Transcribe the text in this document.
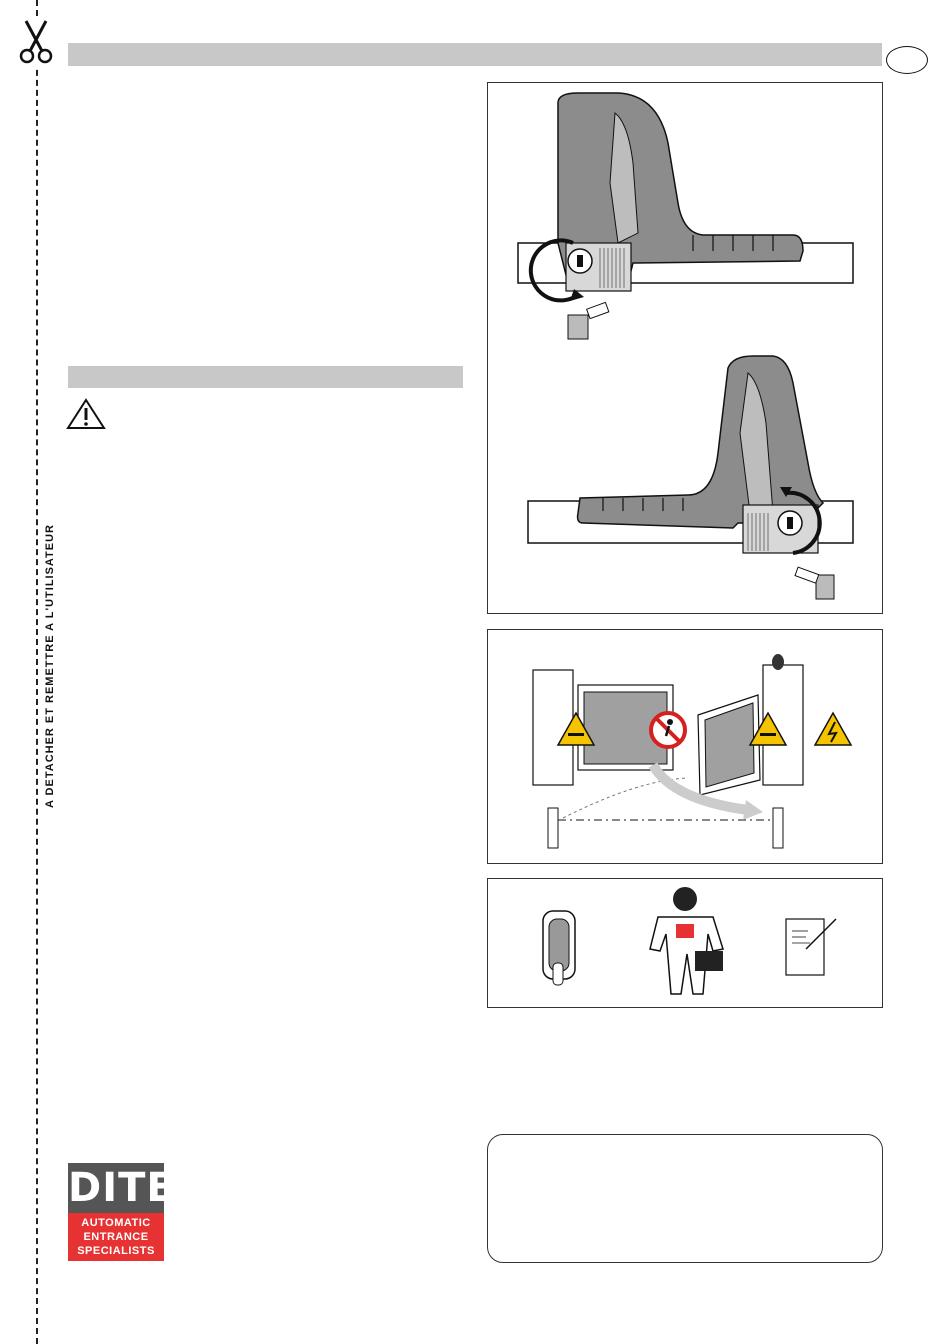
A DETACHER ET REMETTRE A L'UTILISATEUR
DITEC
AUTOMATIC
ENTRANCE
SPECIALISTS
